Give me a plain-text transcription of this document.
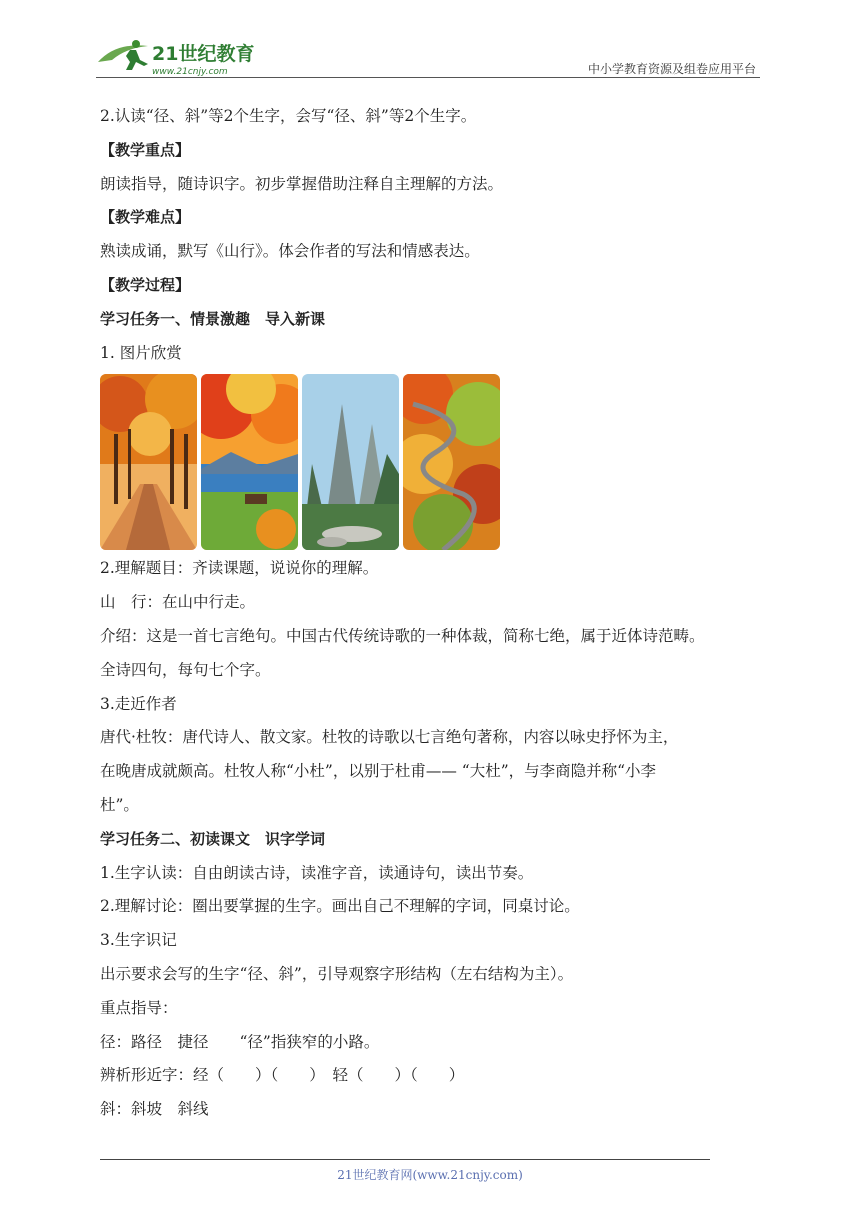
21世纪教育
www.21cnjy.com	中小学教育资源及组卷应用平台

2.认读“径、斜”等2个生字，会写“径、斜”等2个生字。

【教学重点】

朗读指导，随诗识字。初步掌握借助注释自主理解的方法。

【教学难点】

熟读成诵，默写《山行》。体会作者的写法和情感表达。

【教学过程】

学习任务一、情景激趣　导入新课

1. 图片欣赏

2.理解题目：齐读课题，说说你的理解。

山　行：在山中行走。

介绍：这是一首七言绝句。中国古代传统诗歌的一种体裁，简称七绝，属于近体诗范畴。

全诗四句，每句七个字。

3.走近作者

唐代·杜牧：唐代诗人、散文家。杜牧的诗歌以七言绝句著称，内容以咏史抒怀为主，

在晚唐成就颇高。杜牧人称“小杜”，以别于杜甫—— “大杜”，与李商隐并称“小李

杜”。

学习任务二、初读课文　识字学词

1.生字认读：自由朗读古诗，读准字音，读通诗句，读出节奏。

2.理解讨论：圈出要掌握的生字。画出自己不理解的字词，同桌讨论。

3.生字识记

出示要求会写的生字“径、斜”，引导观察字形结构（左右结构为主）。

重点指导：

径：路径　捷径　　“径”指狭窄的小路。

辨析形近字：经（　　）（　　）　轻（　　）（　　）

斜：斜坡　斜线

21世纪教育网(www.21cnjy.com)
